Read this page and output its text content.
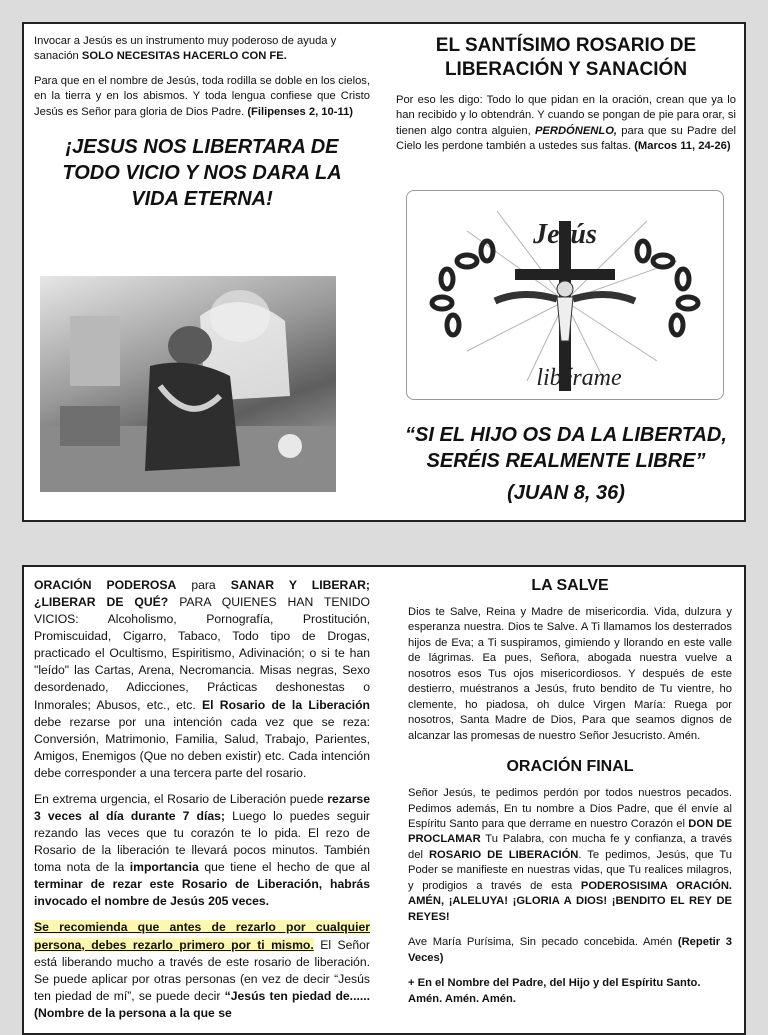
Invocar a Jesús es un instrumento muy poderoso de ayuda y sanación SOLO NECESITAS HACERLO CON FE.

Para que en el nombre de Jesús, toda rodilla se doble en los cielos, en la tierra y en los abismos. Y toda lengua confiese que Cristo Jesús es Señor para gloria de Dios Padre. (Filipenses 2, 10-11)

¡JESUS NOS LIBERTARA DE TODO VICIO Y NOS DARA LA VIDA ETERNA!

EL SANTÍSIMO ROSARIO DE LIBERACIÓN Y SANACIÓN

Por eso les digo: Todo lo que pidan en la oración, crean que ya lo han recibido y lo obtendrán. Y cuando se pongan de pie para orar, si tienen algo contra alguien, PERDÓNENLO, para que su Padre del Cielo les perdone también a ustedes sus faltas. (Marcos 11, 24-26)

Jesús
libérame

“SI EL HIJO OS DA LA LIBERTAD, SERÉIS REALMENTE LIBRE”

(JUAN 8, 36)

ORACIÓN PODEROSA para SANAR Y LIBERAR; ¿LIBERAR DE QUÉ? PARA QUIENES HAN TENIDO VICIOS: Alcoholismo, Pornografía, Prostitución, Promiscuidad, Cigarro, Tabaco, Todo tipo de Drogas, practicado el Ocultismo, Espiritismo, Adivinación; o si te han "leído" las Cartas, Arena, Necromancia. Misas negras, Sexo desordenado, Adicciones, Prácticas deshonestas o Inmorales; Abusos, etc., etc. El Rosario de la Liberación debe rezarse por una intención cada vez que se reza: Conversión, Matrimonio, Familia, Salud, Trabajo, Parientes, Amigos, Enemigos (Que no deben existir) etc. Cada intención debe corresponder a una tercera parte del rosario.

En extrema urgencia, el Rosario de Liberación puede rezarse 3 veces al día durante 7 días; Luego lo puedes seguir rezando las veces que tu corazón te lo pida. El rezo de Rosario de la liberación te llevará pocos minutos. También toma nota de la importancia que tiene el hecho de que al terminar de rezar este Rosario de Liberación, habrás invocado el nombre de Jesús 205 veces.

Se recomienda que antes de rezarlo por cualquier persona, debes rezarlo primero por ti mismo. El Señor está liberando mucho a través de este rosario de liberación. Se puede aplicar por otras personas (en vez de decir “Jesús ten piedad de mí”, se puede decir “Jesús ten piedad de...... (Nombre de la persona a la que se

LA SALVE

Dios te Salve, Reina y Madre de misericordia. Vida, dulzura y esperanza nuestra. Dios te Salve. A Ti llamamos los desterrados hijos de Eva; a Ti suspiramos, gimiendo y llorando en este valle de lágrimas. Ea pues, Señora, abogada nuestra vuelve a nosotros esos Tus ojos misericordiosos. Y después de este destierro, muéstranos a Jesús, fruto bendito de Tu vientre, ho clemente, ho piadosa, oh dulce Virgen María: Ruega por nosotros, Santa Madre de Dios, Para que seamos dignos de alcanzar las promesas de nuestro Señor Jesucristo. Amén.

ORACIÓN FINAL

Señor Jesús, te pedimos perdón por todos nuestros pecados. Pedimos además, En tu nombre a Dios Padre, que él envíe al Espíritu Santo para que derrame en nuestro Corazón el DON DE PROCLAMAR Tu Palabra, con mucha fe y confianza, a través del ROSARIO DE LIBERACIÓN. Te pedimos, Jesús, que Tu Poder se manifieste en nuestras vidas, que Tu realices milagros, y prodigios a través de esta PODEROSISIMA ORACIÓN. AMÉN, ¡ALELUYA! ¡GLORIA A DIOS! ¡BENDITO EL REY DE REYES!

Ave María Purísima, Sin pecado concebida. Amén (Repetir 3 Veces)

+ En el Nombre del Padre, del Hijo y del Espíritu Santo. Amén. Amén. Amén.
